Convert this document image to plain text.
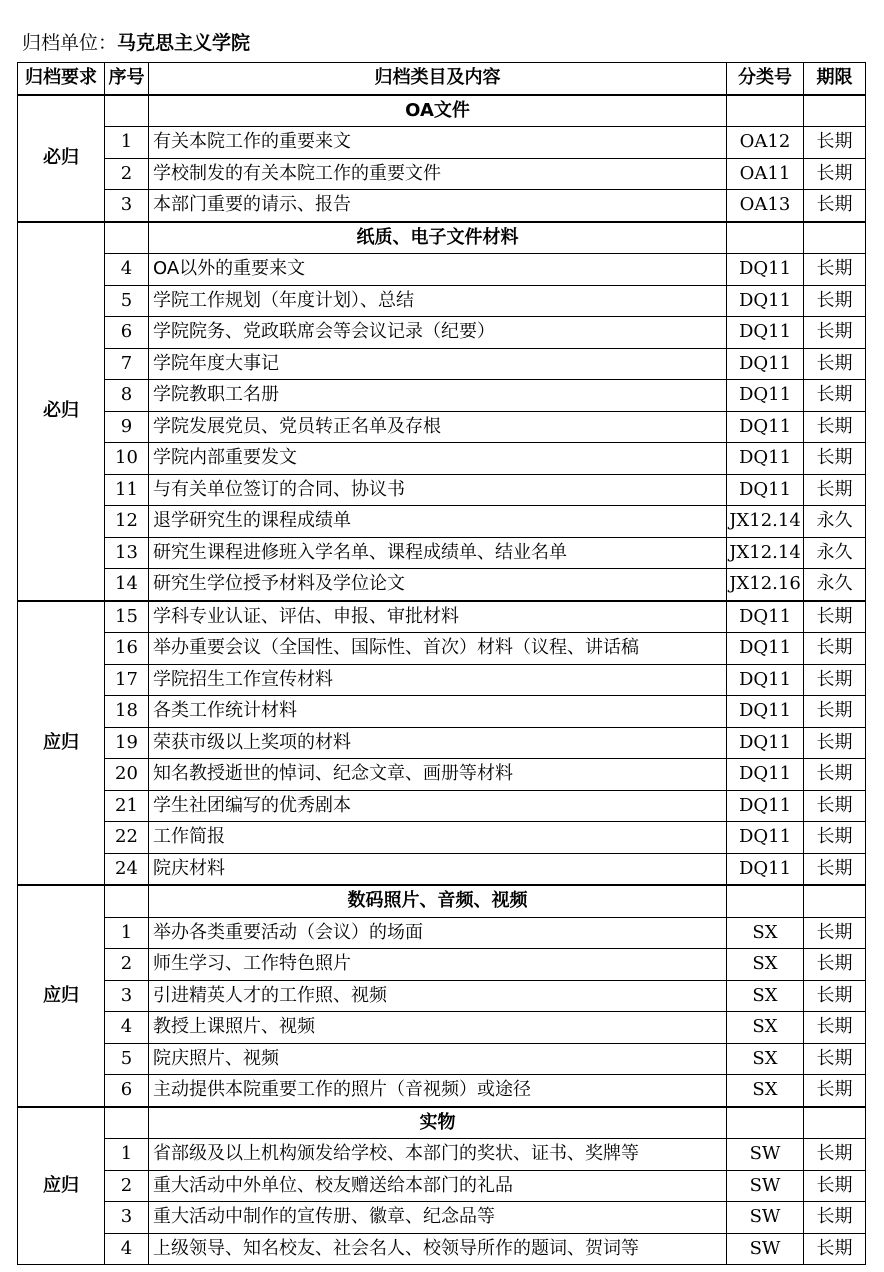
归档单位：马克思主义学院
归档要求	序号	归档类目及内容	分类号	期限
必归		OA文件		
	1	有关本院工作的重要来文	OA12	长期
	2	学校制发的有关本院工作的重要文件	OA11	长期
	3	本部门重要的请示、报告	OA13	长期
必归		纸质、电子文件材料		
	4	OA以外的重要来文	DQ11	长期
	5	学院工作规划（年度计划）、总结	DQ11	长期
	6	学院院务、党政联席会等会议记录（纪要）	DQ11	长期
	7	学院年度大事记	DQ11	长期
	8	学院教职工名册	DQ11	长期
	9	学院发展党员、党员转正名单及存根	DQ11	长期
	10	学院内部重要发文	DQ11	长期
	11	与有关单位签订的合同、协议书	DQ11	长期
	12	退学研究生的课程成绩单	JX12.14	永久
	13	研究生课程进修班入学名单、课程成绩单、结业名单	JX12.14	永久
	14	研究生学位授予材料及学位论文	JX12.16	永久
应归	15	学科专业认证、评估、申报、审批材料	DQ11	长期
	16	举办重要会议（全国性、国际性、首次）材料（议程、讲话稿	DQ11	长期
	17	学院招生工作宣传材料	DQ11	长期
	18	各类工作统计材料	DQ11	长期
	19	荣获市级以上奖项的材料	DQ11	长期
	20	知名教授逝世的悼词、纪念文章、画册等材料	DQ11	长期
	21	学生社团编写的优秀剧本	DQ11	长期
	22	工作简报	DQ11	长期
	24	院庆材料	DQ11	长期
应归		数码照片、音频、视频		
	1	举办各类重要活动（会议）的场面	SX	长期
	2	师生学习、工作特色照片	SX	长期
	3	引进精英人才的工作照、视频	SX	长期
	4	教授上课照片、视频	SX	长期
	5	院庆照片、视频	SX	长期
	6	主动提供本院重要工作的照片（音视频）或途径	SX	长期
应归		实物		
	1	省部级及以上机构颁发给学校、本部门的奖状、证书、奖牌等	SW	长期
	2	重大活动中外单位、校友赠送给本部门的礼品	SW	长期
	3	重大活动中制作的宣传册、徽章、纪念品等	SW	长期
	4	上级领导、知名校友、社会名人、校领导所作的题词、贺词等	SW	长期
